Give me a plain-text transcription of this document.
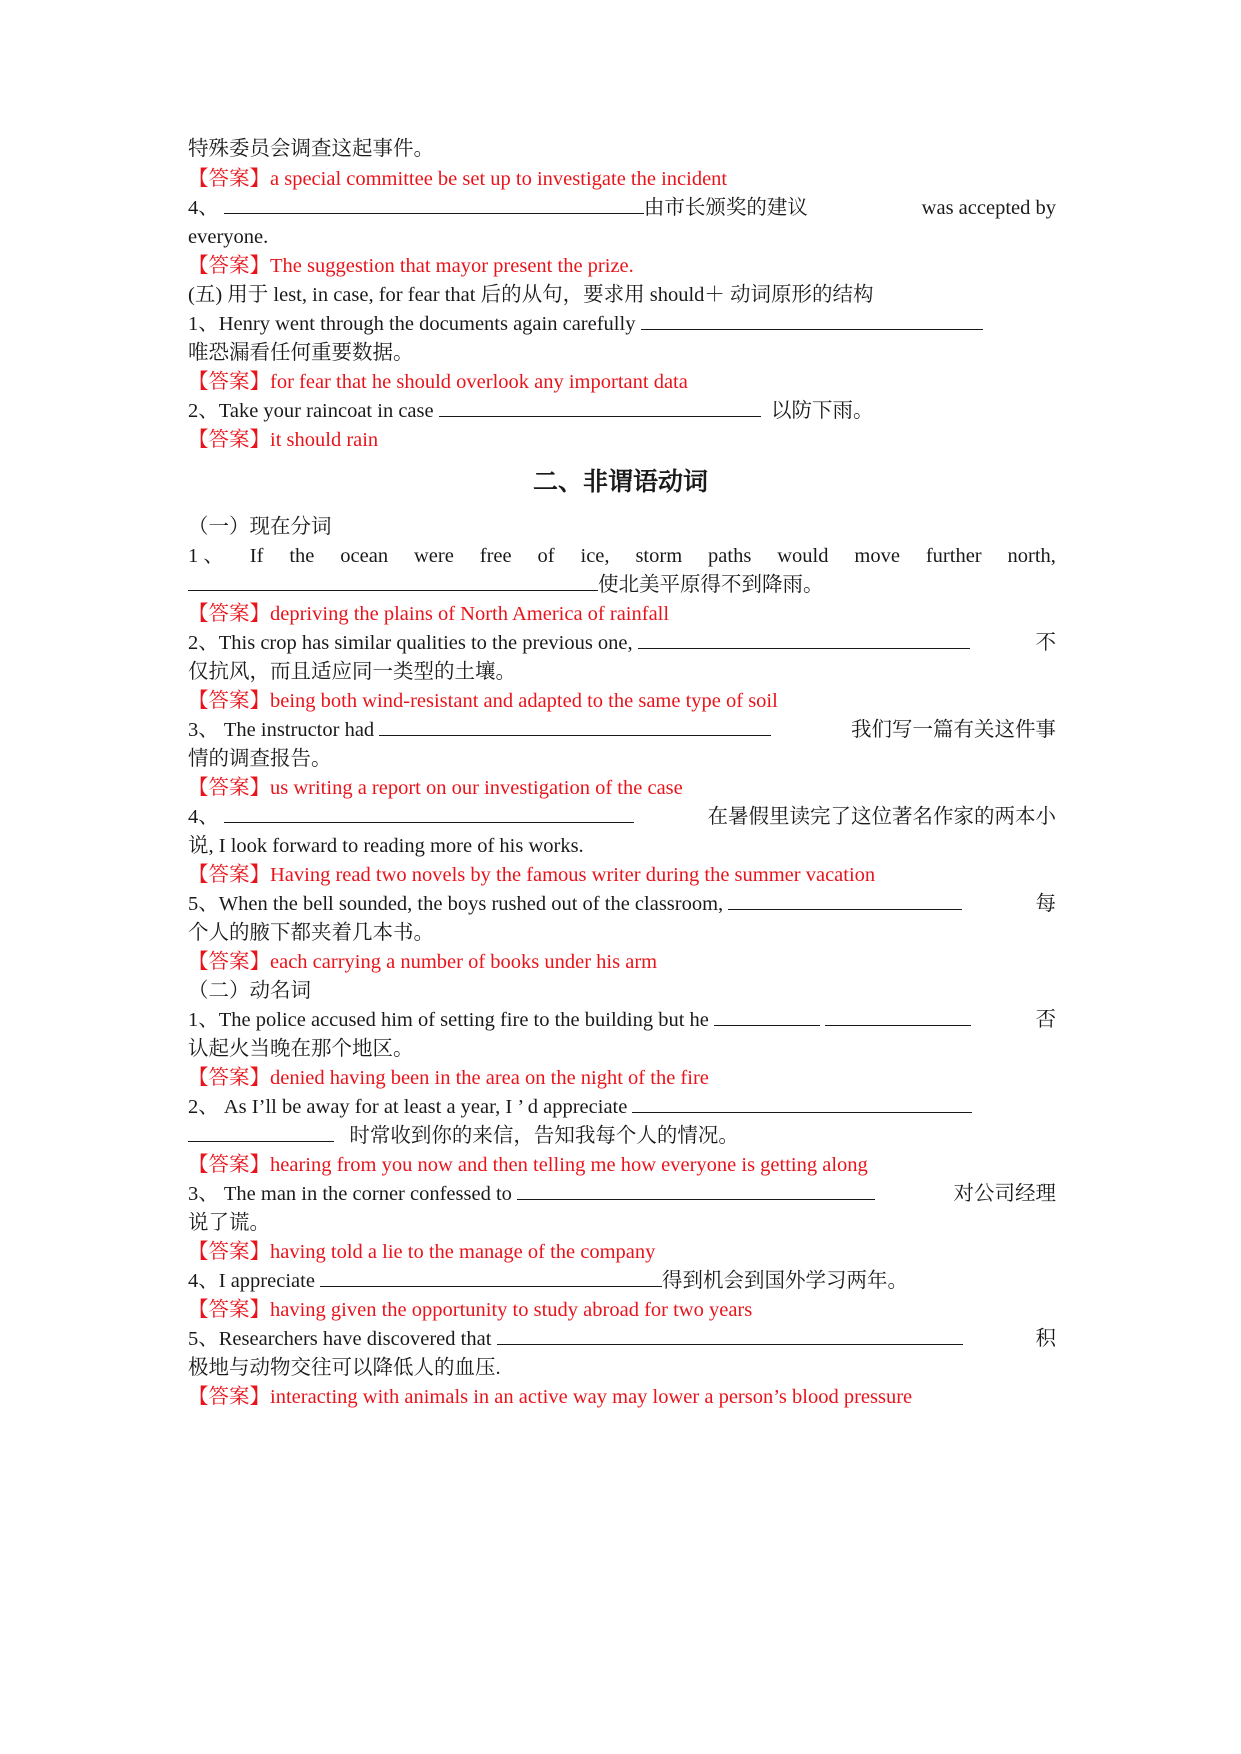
特殊委员会调查这起事件。
【答案】a special committee be set up to investigate the incident
4、	由市长颁奖的建议	was accepted by
everyone.
【答案】The suggestion that mayor present the prize.
(五) 用于 lest, in case, for fear that 后的从句，要求用 should＋ 动词原形的结构
1、Henry went through the documents again carefully
唯恐漏看任何重要数据。
【答案】for fear that he should overlook any important data
2、Take your raincoat in case	以防下雨。
【答案】it should rain
二、非谓语动词
（一）现在分词
1 、 If the ocean were free of ice, storm paths would move further north,
使北美平原得不到降雨。
【答案】depriving the plains of North America of rainfall
2、This crop has similar qualities to the previous one,	不
仅抗风，而且适应同一类型的土壤。
【答案】being both wind-resistant and adapted to the same type of soil
3、 The instructor had	我们写一篇有关这件事
情的调查报告。
【答案】us writing a report on our investigation of the case
4、	在暑假里读完了这位著名作家的两本小
说, I look forward to reading more of his works.
【答案】Having read two novels by the famous writer during the summer vacation
5、When the bell sounded, the boys rushed out of the classroom,	每
个人的腋下都夹着几本书。
【答案】each carrying a number of books under his arm
（二）动名词
1、The police accused him of setting fire to the building but he	否
认起火当晚在那个地区。
【答案】denied having been in the area on the night of the fire
2、 As I’ll be away for at least a year, I ’ d appreciate
时常收到你的来信，告知我每个人的情况。
【答案】hearing from you now and then telling me how everyone is getting along
3、 The man in the corner confessed to	对公司经理
说了谎。
【答案】having told a lie to the manage of the company
4、I appreciate	得到机会到国外学习两年。
【答案】having given the opportunity to study abroad for two years
5、Researchers have discovered that	积
极地与动物交往可以降低人的血压.
【答案】interacting with animals in an active way may lower a person’s blood pressure
